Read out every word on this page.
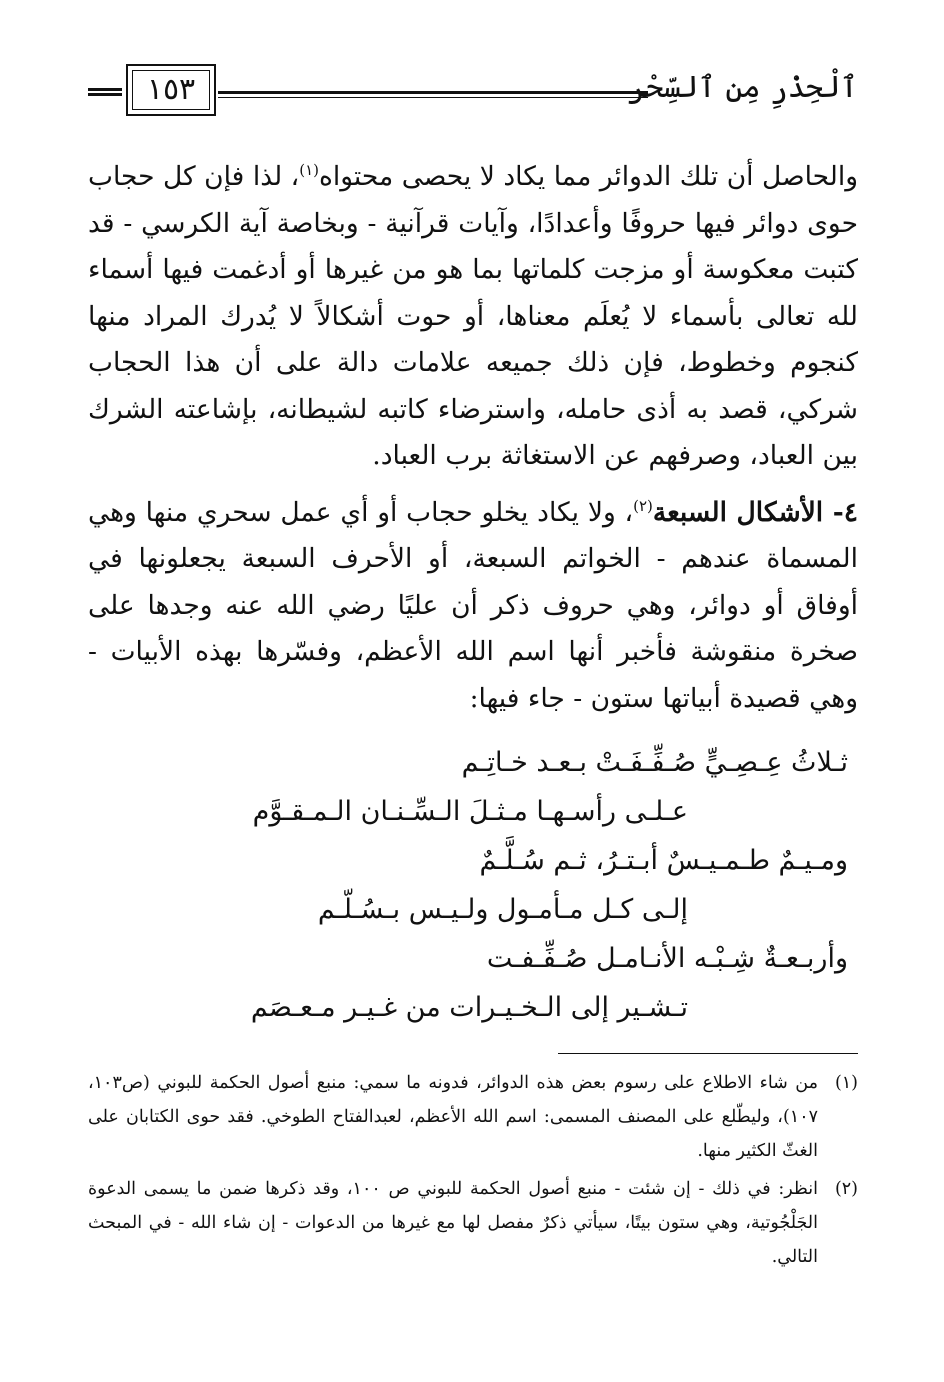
ٱلْحِذْرِ مِن ٱلسِّحْر
١٥٣

والحاصل أن تلك الدوائر مما يكاد لا يحصى محتواه$^{(١)}$، لذا فإن كل حجاب حوى دوائر فيها حروفًا وأعدادًا، وآيات قرآنية - وبخاصة آية الكرسي - قد كتبت معكوسة أو مزجت كلماتها بما هو من غيرها أو أدغمت فيها أسماء لله تعالى بأسماء لا يُعلَم معناها، أو حوت أشكالاً لا يُدرك المراد منها كنجوم وخطوط، فإن ذلك جميعه علامات دالة على أن هذا الحجاب شركي، قصد به أذى حامله، واسترضاء كاتبه لشيطانه، بإشاعته الشرك بين العباد، وصرفهم عن الاستغاثة برب العباد.

٤- الأشكال السبعة$^{(٢)}$، ولا يكاد يخلو حجاب أو أي عمل سحري منها وهي المسماة عندهم - الخواتم السبعة، أو الأحرف السبعة يجعلونها في أوفاق أو دوائر، وهي حروف ذكر أن عليًا رضي الله عنه وجدها على صخرة منقوشة فأخبر أنها اسم الله الأعظم، وفسّرها بهذه الأبيات - وهي قصيدة أبياتها ستون - جاء فيها:

ثـلاثُ عِـصِـيٍّ صُـفِّـفَـتْ بـعـد خـاتِـم

عـلـى رأسـهـا مـثـلَ الـسِّـنـان الـمـقـوَّم

ومـيـمٌ طـمـيـسٌ أبـتـرُ، ثـم سُـلَّـمٌ

إلـى كـل مـأمـول ولـيـس بـسُـلّـم

وأربـعـةٌ شِـبْـه الأنـامـل صُـفِّـفـت

تـشـير إلى الـخـيـرات من غـيـر مـعـصَم

(١)
من شاء الاطلاع على رسوم بعض هذه الدوائر، فدونه ما سمي: منبع أصول الحكمة للبوني (ص١٠٣، ١٠٧)، وليطّلع على المصنف المسمى: اسم الله الأعظم، لعبدالفتاح الطوخي. فقد حوى الكتابان على الغثّ الكثير منها.
(٢)
انظر: في ذلك - إن شئت - منبع أصول الحكمة للبوني ص ١٠٠، وقد ذكرها ضمن ما يسمى الدعوة الجَلْجُوتية، وهي ستون بيتًا، سيأتي ذكرٌ مفصل لها مع غيرها من الدعوات - إن شاء الله - في المبحث التالي.
